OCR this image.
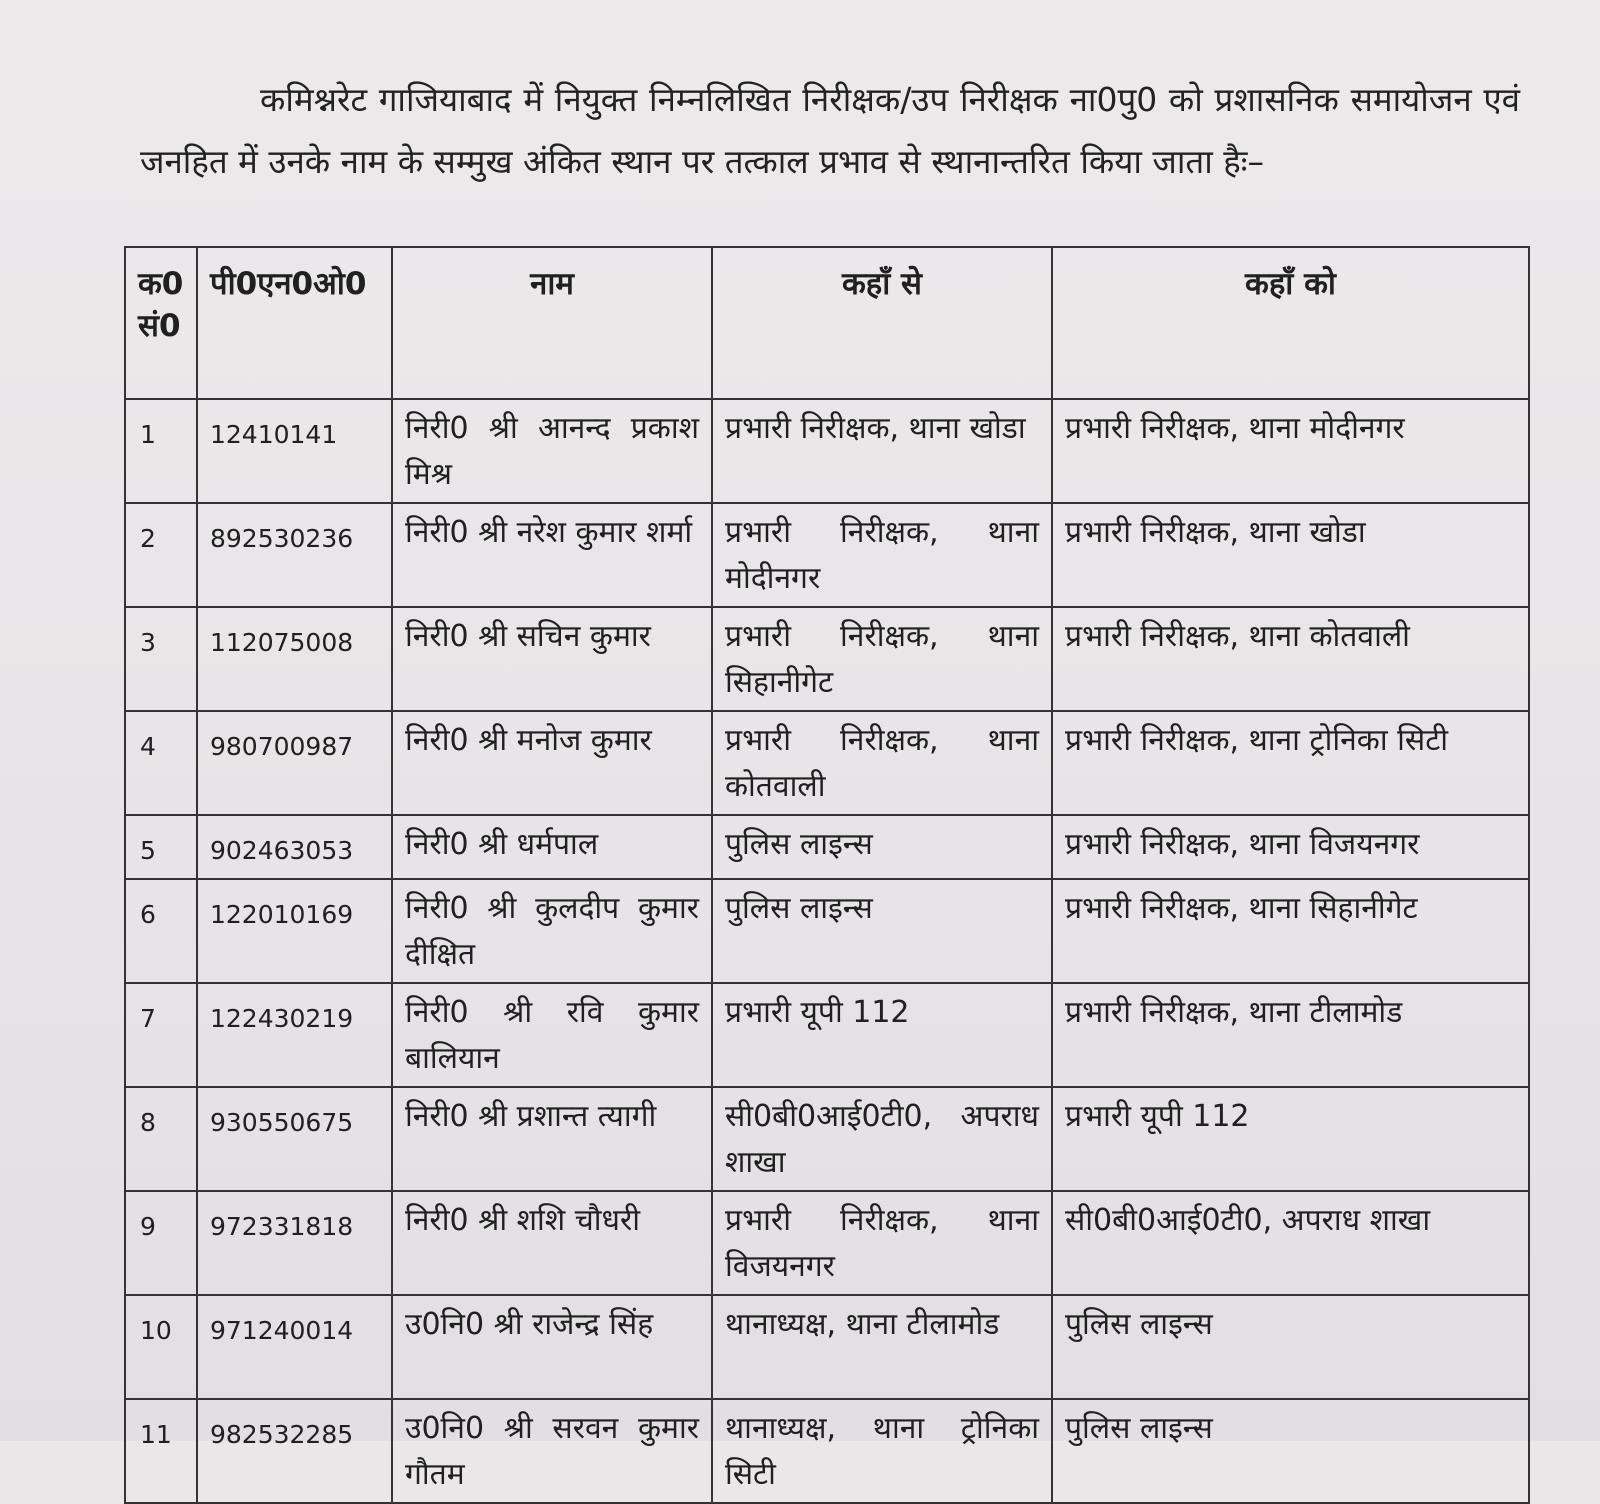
कमिश्नरेट गाजियाबाद में नियुक्त निम्नलिखित निरीक्षक/उप निरीक्षक ना0पु0 को प्रशासनिक समायोजन एवं जनहित में उनके नाम के सम्मुख अंकित स्थान पर तत्काल प्रभाव से स्थानान्तरित किया जाता हैः–

क0 सं0	पी0एन0ओ0	नाम	कहाँ से	कहाँ को
1	12410141	निरी0 श्री आनन्द प्रकाश मिश्र	प्रभारी निरीक्षक, थाना खोडा	प्रभारी निरीक्षक, थाना मोदीनगर
2	892530236	निरी0 श्री नरेश कुमार शर्मा	प्रभारी निरीक्षक, थाना मोदीनगर	प्रभारी निरीक्षक, थाना खोडा
3	112075008	निरी0 श्री सचिन कुमार	प्रभारी निरीक्षक, थाना सिहानीगेट	प्रभारी निरीक्षक, थाना कोतवाली
4	980700987	निरी0 श्री मनोज कुमार	प्रभारी निरीक्षक, थाना कोतवाली	प्रभारी निरीक्षक, थाना ट्रोनिका सिटी
5	902463053	निरी0 श्री धर्मपाल	पुलिस लाइन्स	प्रभारी निरीक्षक, थाना विजयनगर
6	122010169	निरी0 श्री कुलदीप कुमार दीक्षित	पुलिस लाइन्स	प्रभारी निरीक्षक, थाना सिहानीगेट
7	122430219	निरी0 श्री रवि कुमार बालियान	प्रभारी यूपी 112	प्रभारी निरीक्षक, थाना टीलामोड
8	930550675	निरी0 श्री प्रशान्त त्यागी	सी0बी0आई0टी0, अपराध शाखा	प्रभारी यूपी 112
9	972331818	निरी0 श्री शशि चौधरी	प्रभारी निरीक्षक, थाना विजयनगर	सी0बी0आई0टी0, अपराध शाखा
10	971240014	उ0नि0 श्री राजेन्द्र सिंह	थानाध्यक्ष, थाना टीलामोड	पुलिस लाइन्स
11	982532285	उ0नि0 श्री सरवन कुमार गौतम	थानाध्यक्ष, थाना ट्रोनिका सिटी	पुलिस लाइन्स
